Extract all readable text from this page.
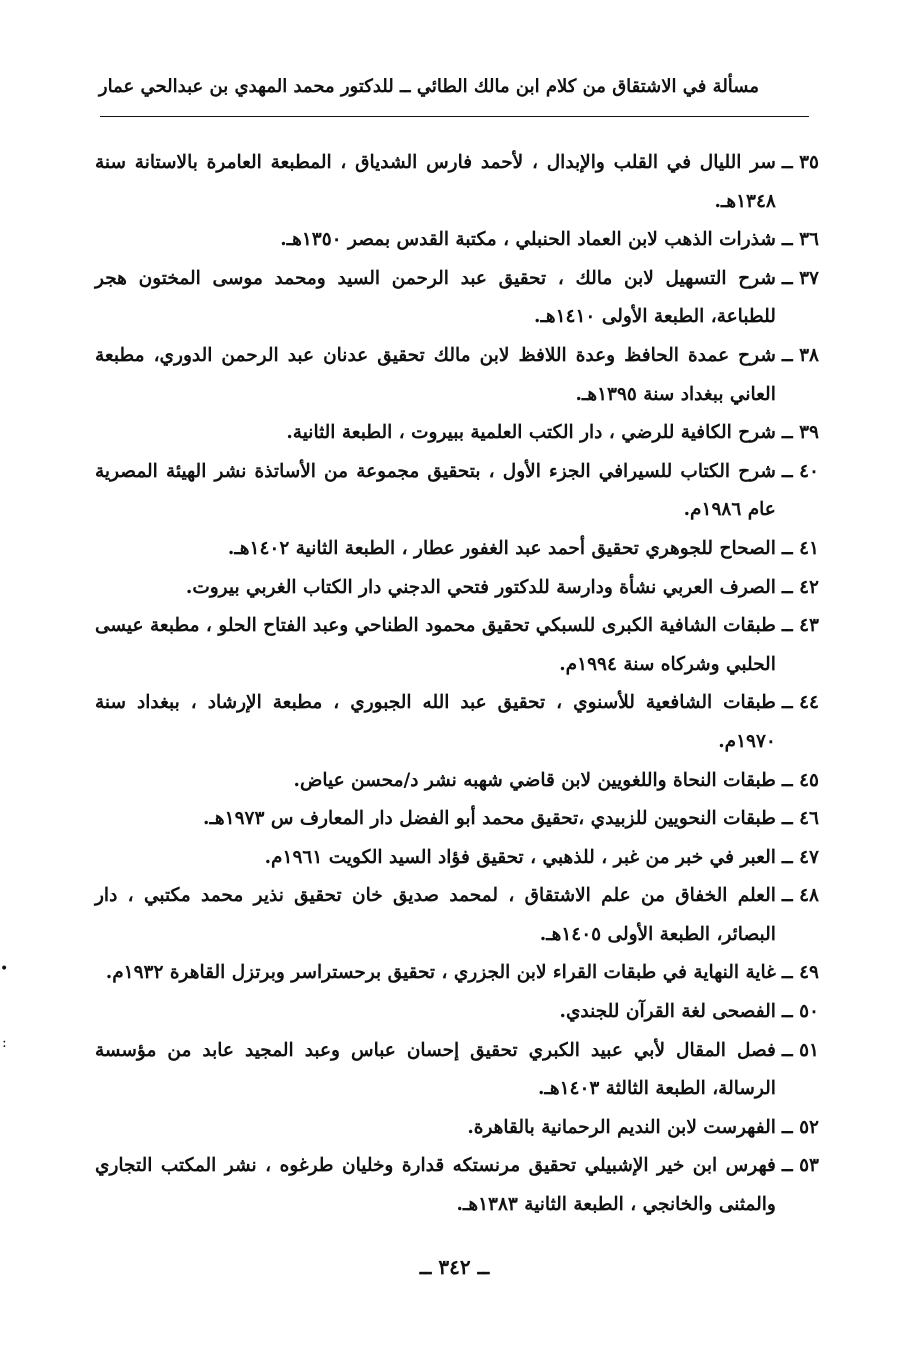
مسألة في الاشتقاق من كلام ابن مالك الطائي ــ للدكتور محمد المهدي بن عبدالحي عمار
٣٥ ــ
سر الليال في القلب والإبدال ، لأحمد فارس الشدياق ، المطبعة العامرة بالاستانة سنة ١٣٤٨هـ.
٣٦ ــ
شذرات الذهب لابن العماد الحنبلي ، مكتبة القدس بمصر ١٣٥٠هـ.
٣٧ ــ
شرح التسهيل لابن مالك ، تحقيق عبد الرحمن السيد ومحمد موسى المختون هجر للطباعة، الطبعة الأولى ١٤١٠هـ.
٣٨ ــ
شرح عمدة الحافظ وعدة اللافظ لابن مالك تحقيق عدنان عبد الرحمن الدوري، مطبعة العاني ببغداد سنة ١٣٩٥هـ.
٣٩ ــ
شرح الكافية للرضي ، دار الكتب العلمية ببيروت ، الطبعة الثانية.
٤٠ ــ
شرح الكتاب للسيرافي الجزء الأول ، بتحقيق مجموعة من الأساتذة نشر الهيئة المصرية عام ١٩٨٦م.
٤١ ــ
الصحاح للجوهري تحقيق أحمد عبد الغفور عطار ، الطبعة الثانية ١٤٠٢هـ.
٤٢ ــ
الصرف العربي نشأة ودارسة للدكتور فتحي الدجني دار الكتاب الغربي بيروت.
٤٣ ــ
طبقات الشافية الكبرى للسبكي تحقيق محمود الطناحي وعبد الفتاح الحلو ، مطبعة عيسى الحلبي وشركاه سنة ١٩٩٤م.
٤٤ ــ
طبقات الشافعية للأسنوي ، تحقيق عبد الله الجبوري ، مطبعة الإرشاد ، ببغداد سنة ١٩٧٠م.
٤٥ ــ
طبقات النحاة واللغويين لابن قاضي شهبه نشر د/محسن عياض.
٤٦ ــ
طبقات النحويين للزبيدي ،تحقيق محمد أبو الفضل دار المعارف س ١٩٧٣هـ.
٤٧ ــ
العبر في خبر من غبر ، للذهبي ، تحقيق فؤاد السيد الكويت ١٩٦١م.
٤٨ ــ
العلم الخفاق من علم الاشتقاق ، لمحمد صديق خان تحقيق نذير محمد مكتبي ، دار البصائر، الطبعة الأولى ١٤٠٥هـ.
٤٩ ــ
غاية النهاية في طبقات القراء لابن الجزري ، تحقيق برحستراسر وبرتزل القاهرة ١٩٣٢م.
٥٠ ــ
الفصحى لغة القرآن للجندي.
٥١ ــ
فصل المقال لأبي عبيد الكبري تحقيق إحسان عباس وعبد المجيد عابد من مؤسسة الرسالة، الطبعة الثالثة ١٤٠٣هـ.
٥٢ ــ
الفهرست لابن النديم الرحمانية بالقاهرة.
٥٣ ــ
فهرس ابن خير الإشبيلي تحقيق مرنستكه قدارة وخليان طرغوه ، نشر المكتب التجاري والمثنى والخانجي ، الطبعة الثانية ١٣٨٣هـ.
ــ ٣٤٢ ــ
•
:
